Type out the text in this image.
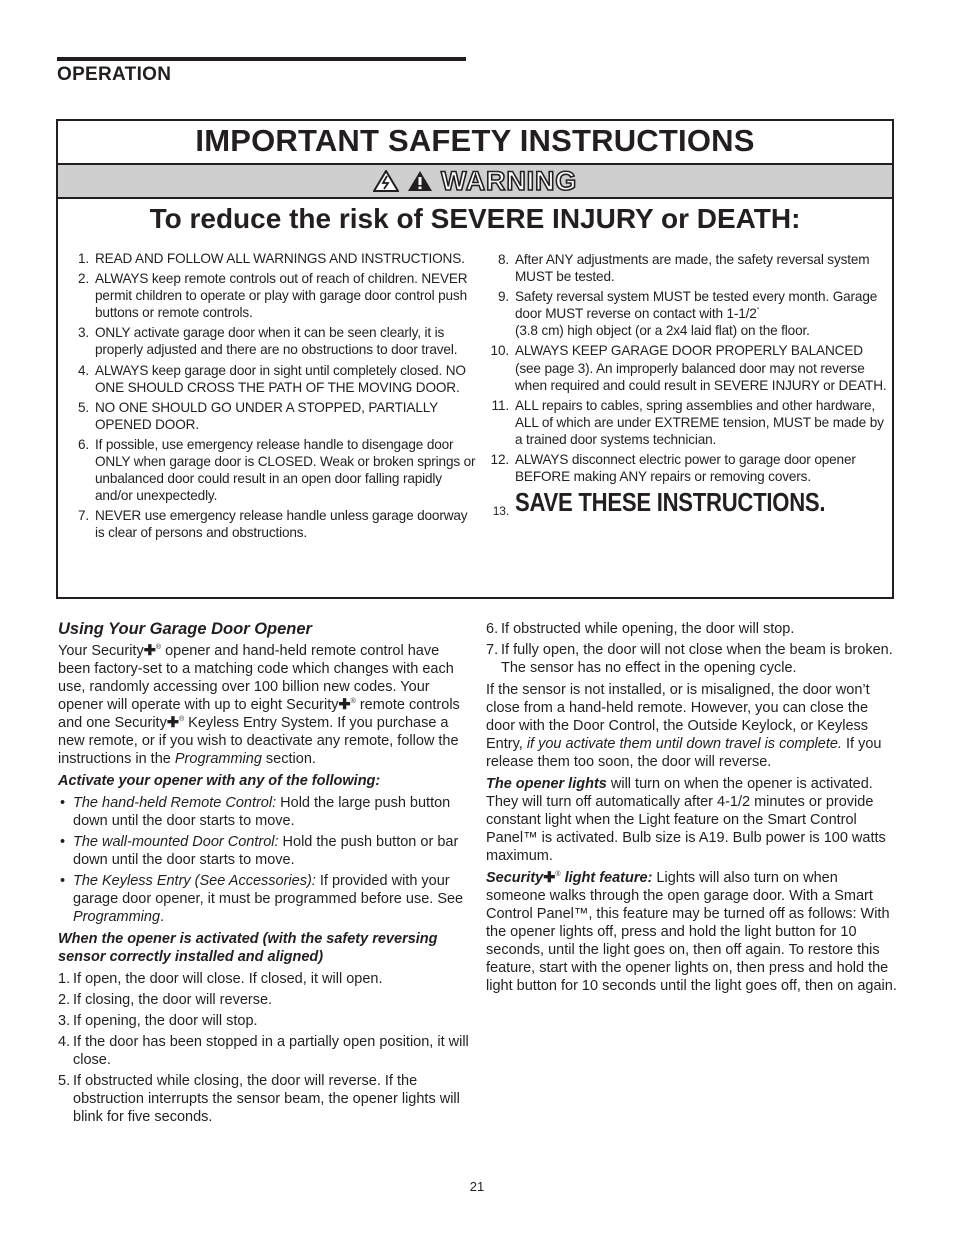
OPERATION
IMPORTANT SAFETY INSTRUCTIONS
WARNING
To reduce the risk of SEVERE INJURY or DEATH:
1. READ AND FOLLOW ALL WARNINGS AND INSTRUCTIONS.
2. ALWAYS keep remote controls out of reach of children. NEVER permit children to operate or play with garage door control push buttons or remote controls.
3. ONLY activate garage door when it can be seen clearly, it is properly adjusted and there are no obstructions to door travel.
4. ALWAYS keep garage door in sight until completely closed. NO ONE SHOULD CROSS THE PATH OF THE MOVING DOOR.
5. NO ONE SHOULD GO UNDER A STOPPED, PARTIALLY OPENED DOOR.
6. If possible, use emergency release handle to disengage door ONLY when garage door is CLOSED. Weak or broken springs or unbalanced door could result in an open door falling rapidly and/or unexpectedly.
7. NEVER use emergency release handle unless garage doorway is clear of persons and obstructions.
8. After ANY adjustments are made, the safety reversal system MUST be tested.
9. Safety reversal system MUST be tested every month. Garage door MUST reverse on contact with 1-1/2"
(3.8 cm) high object (or a 2x4 laid flat) on the floor.
10. ALWAYS KEEP GARAGE DOOR PROPERLY BALANCED (see page 3). An improperly balanced door may not reverse when required and could result in SEVERE INJURY or DEATH.
11. ALL repairs to cables, spring assemblies and other hardware, ALL of which are under EXTREME tension, MUST be made by a trained door systems technician.
12. ALWAYS disconnect electric power to garage door opener BEFORE making ANY repairs or removing covers.
13. SAVE THESE INSTRUCTIONS.

Using Your Garage Door Opener

Your Security✚® opener and hand-held remote control have been factory-set to a matching code which changes with each use, randomly accessing over 100 billion new codes. Your opener will operate with up to eight Security✚® remote controls and one Security✚® Keyless Entry System. If you purchase a new remote, or if you wish to deactivate any remote, follow the instructions in the Programming section.

Activate your opener with any of the following:

• The hand-held Remote Control: Hold the large push button down until the door starts to move.
• The wall-mounted Door Control: Hold the push button or bar down until the door starts to move.
• The Keyless Entry (See Accessories): If provided with your garage door opener, it must be programmed before use. See Programming.

When the opener is activated (with the safety reversing sensor correctly installed and aligned)

1. If open, the door will close. If closed, it will open.
2. If closing, the door will reverse.
3. If opening, the door will stop.
4. If the door has been stopped in a partially open position, it will close.
5. If obstructed while closing, the door will reverse. If the obstruction interrupts the sensor beam, the opener lights will blink for five seconds.
6. If obstructed while opening, the door will stop.
7. If fully open, the door will not close when the beam is broken. The sensor has no effect in the opening cycle.

If the sensor is not installed, or is misaligned, the door won’t close from a hand-held remote. However, you can close the door with the Door Control, the Outside Keylock, or Keyless Entry, if you activate them until down travel is complete. If you release them too soon, the door will reverse.

The opener lights will turn on when the opener is activated. They will turn off automatically after 4-1/2 minutes or provide constant light when the Light feature on the Smart Control Panel™ is activated. Bulb size is A19. Bulb power is 100 watts maximum.

Security✚® light feature: Lights will also turn on when someone walks through the open garage door. With a Smart Control Panel™, this feature may be turned off as follows: With the opener lights off, press and hold the light button for 10 seconds, until the light goes on, then off again. To restore this feature, start with the opener lights on, then press and hold the light button for 10 seconds until the light goes off, then on again.

21
